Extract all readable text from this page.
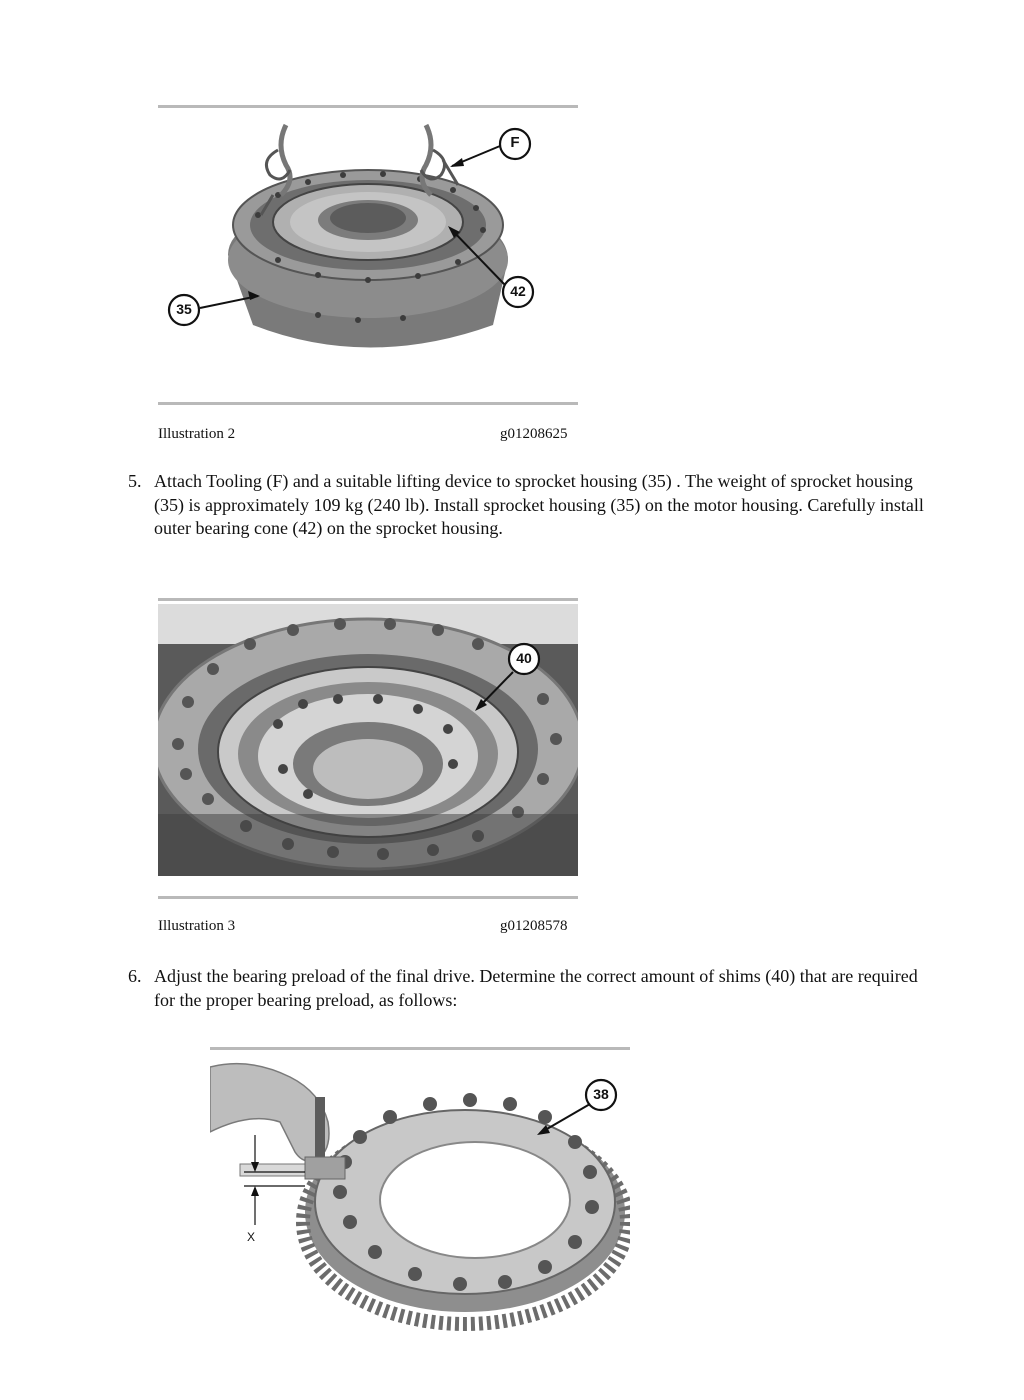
F
42
35
Illustration 2	g01208625
5. Attach Tooling (F) and a suitable lifting device to sprocket housing (35) . The weight of sprocket housing (35) is approximately 109 kg (240 lb). Install sprocket housing (35) on the motor housing. Carefully install outer bearing cone (42) on the sprocket housing.
40
Illustration 3	g01208578
6. Adjust the bearing preload of the final drive. Determine the correct amount of shims (40) that are required for the proper bearing preload, as follows:
38
X
